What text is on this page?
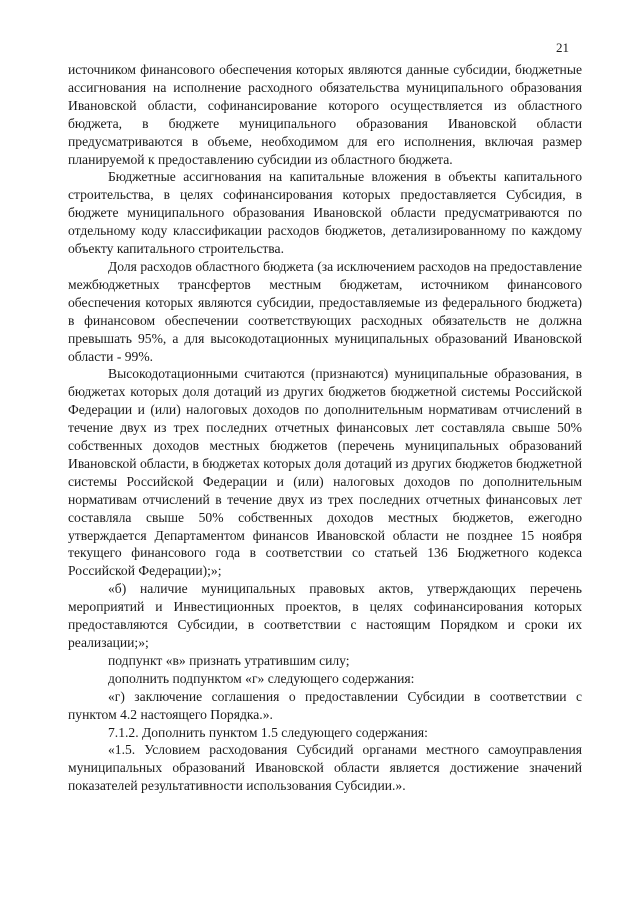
21

источником финансового обеспечения которых являются данные субсидии, бюджетные ассигнования на исполнение расходного обязательства муниципального образования Ивановской области, софинансирование которого осуществляется из областного бюджета, в бюджете муниципального образования Ивановской области предусматриваются в объеме, необходимом для его исполнения, включая размер планируемой к предоставлению субсидии из областного бюджета.

Бюджетные ассигнования на капитальные вложения в объекты капитального строительства, в целях софинансирования которых предоставляется Субсидия, в бюджете муниципального образования Ивановской области предусматриваются по отдельному коду классификации расходов бюджетов, детализированному по каждому объекту капитального строительства.

Доля расходов областного бюджета (за исключением расходов на предоставление межбюджетных трансфертов местным бюджетам, источником финансового обеспечения которых являются субсидии, предоставляемые из федерального бюджета) в финансовом обеспечении соответствующих расходных обязательств не должна превышать 95%, а для высокодотационных муниципальных образований Ивановской области - 99%.

Высокодотационными считаются (признаются) муниципальные образования, в бюджетах которых доля дотаций из других бюджетов бюджетной системы Российской Федерации и (или) налоговых доходов по дополнительным нормативам отчислений в течение двух из трех последних отчетных финансовых лет составляла свыше 50% собственных доходов местных бюджетов (перечень муниципальных образований Ивановской области, в бюджетах которых доля дотаций из других бюджетов бюджетной системы Российской Федерации и (или) налоговых доходов по дополнительным нормативам отчислений в течение двух из трех последних отчетных финансовых лет составляла свыше 50% собственных доходов местных бюджетов, ежегодно утверждается Департаментом финансов Ивановской области не позднее 15 ноября текущего финансового года в соответствии со статьей 136 Бюджетного кодекса Российской Федерации);»;

«б) наличие муниципальных правовых актов, утверждающих перечень мероприятий и Инвестиционных проектов, в целях софинансирования которых предоставляются Субсидии, в соответствии с настоящим Порядком и сроки их реализации;»;

подпункт «в» признать утратившим силу;

дополнить подпунктом «г» следующего содержания:

«г) заключение соглашения о предоставлении Субсидии в соответствии с пунктом 4.2 настоящего Порядка.».

7.1.2. Дополнить пунктом 1.5 следующего содержания:

«1.5. Условием расходования Субсидий органами местного самоуправления муниципальных образований Ивановской области является достижение значений показателей результативности использования Субсидии.».
